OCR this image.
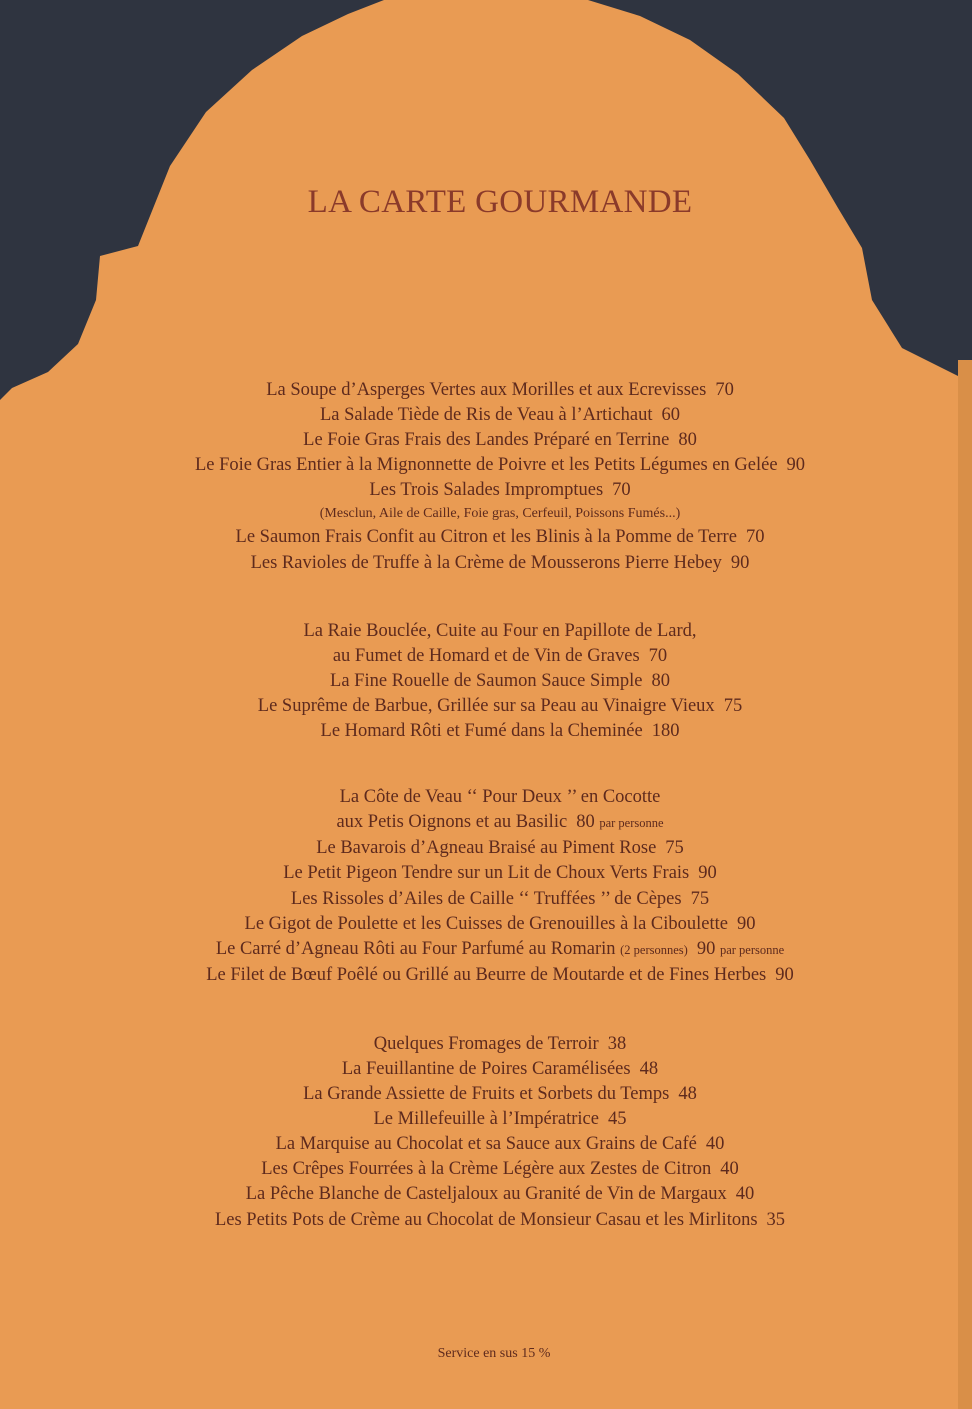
LA CARTE GOURMANDE
La Soupe d’Asperges Vertes aux Morilles et aux Ecrevisses 70
La Salade Tiède de Ris de Veau à l’Artichaut 60
Le Foie Gras Frais des Landes Préparé en Terrine 80
Le Foie Gras Entier à la Mignonnette de Poivre et les Petits Légumes en Gelée 90
Les Trois Salades Impromptues 70
(Mesclun, Aile de Caille, Foie gras, Cerfeuil, Poissons Fumés...)
Le Saumon Frais Confit au Citron et les Blinis à la Pomme de Terre 70
Les Ravioles de Truffe à la Crème de Mousserons Pierre Hebey 90
La Raie Bouclée, Cuite au Four en Papillote de Lard,
au Fumet de Homard et de Vin de Graves 70
La Fine Rouelle de Saumon Sauce Simple 80
Le Suprême de Barbue, Grillée sur sa Peau au Vinaigre Vieux 75
Le Homard Rôti et Fumé dans la Cheminée 180
La Côte de Veau ‘‘ Pour Deux ’’ en Cocotte
aux Petis Oignons et au Basilic 80 par personne
Le Bavarois d’Agneau Braisé au Piment Rose 75
Le Petit Pigeon Tendre sur un Lit de Choux Verts Frais 90
Les Rissoles d’Ailes de Caille ‘‘ Truffées ’’ de Cèpes 75
Le Gigot de Poulette et les Cuisses de Grenouilles à la Ciboulette 90
Le Carré d’Agneau Rôti au Four Parfumé au Romarin (2 personnes) 90 par personne
Le Filet de Bœuf Poêlé ou Grillé au Beurre de Moutarde et de Fines Herbes 90
Quelques Fromages de Terroir 38
La Feuillantine de Poires Caramélisées 48
La Grande Assiette de Fruits et Sorbets du Temps 48
Le Millefeuille à l’Impératrice 45
La Marquise au Chocolat et sa Sauce aux Grains de Café 40
Les Crêpes Fourrées à la Crème Légère aux Zestes de Citron 40
La Pêche Blanche de Casteljaloux au Granité de Vin de Margaux 40
Les Petits Pots de Crème au Chocolat de Monsieur Casau et les Mirlitons 35
Service en sus 15 %
